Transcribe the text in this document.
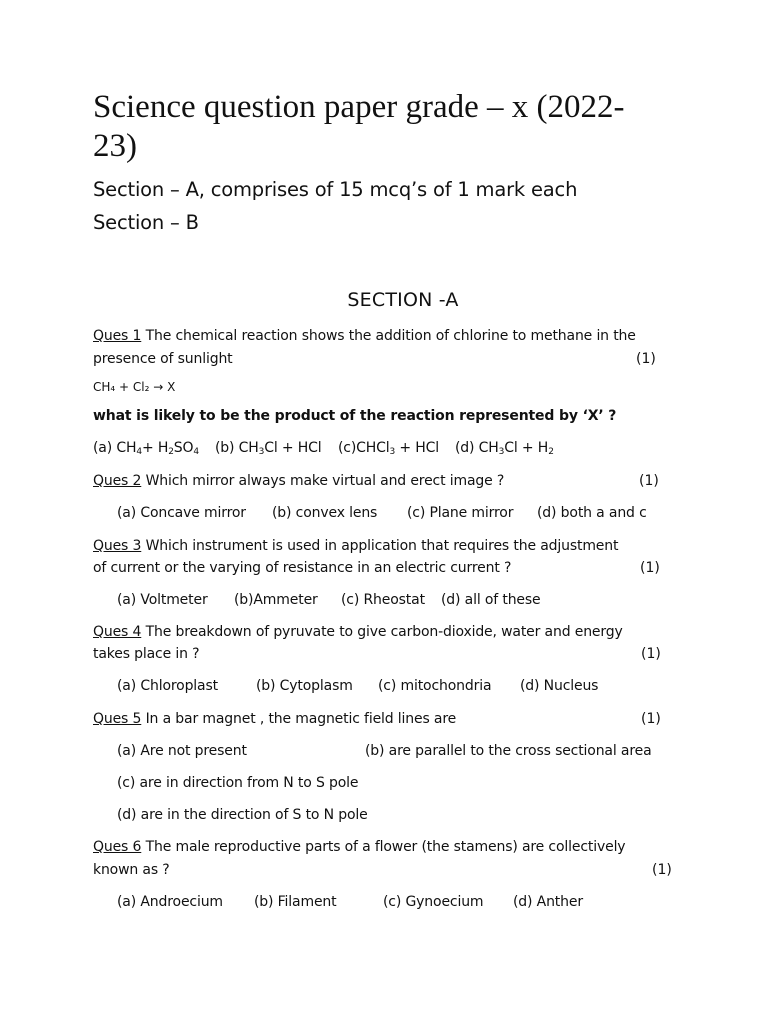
Science question paper grade – x (2022-
23)
Section – A, comprises of 15 mcq’s of 1 mark each
Section – B
SECTION -A
Ques 1 The chemical reaction shows the addition of chlorine to methane in the
presence of sunlight	(1)
CH₄ + Cl₂ → X
what is likely to be the product of the reaction represented by ‘X’ ?
(a) $CH_4+ H_2SO_4$ (b) $CH_3Cl$ + HCl (c)CHCl$_3$ + HCl (d) $CH_3Cl + H_2$
Ques 2 Which mirror always make virtual and erect image ?	(1)
(a) Concave mirror (b) convex lens (c) Plane mirror (d) both a and c
Ques 3 Which instrument is used in application that requires the adjustment
of current or the varying of resistance in an electric current ?	(1)
(a) Voltmeter (b)Ammeter (c) Rheostat (d) all of these
Ques 4 The breakdown of pyruvate to give carbon-dioxide, water and energy
takes place in ?	(1)
(a) Chloroplast	(b) Cytoplasm (c) mitochondria (d) Nucleus
Ques 5 In a bar magnet , the magnetic field lines are	(1)
(a) Are not present	(b) are parallel to the cross sectional area
(c) are in direction from N to S pole
(d) are in the direction of S to N pole
Ques 6 The male reproductive parts of a flower (the stamens) are collectively
known as ?	(1)
(a) Androecium (b) Filament	(c) Gynoecium (d) Anther
